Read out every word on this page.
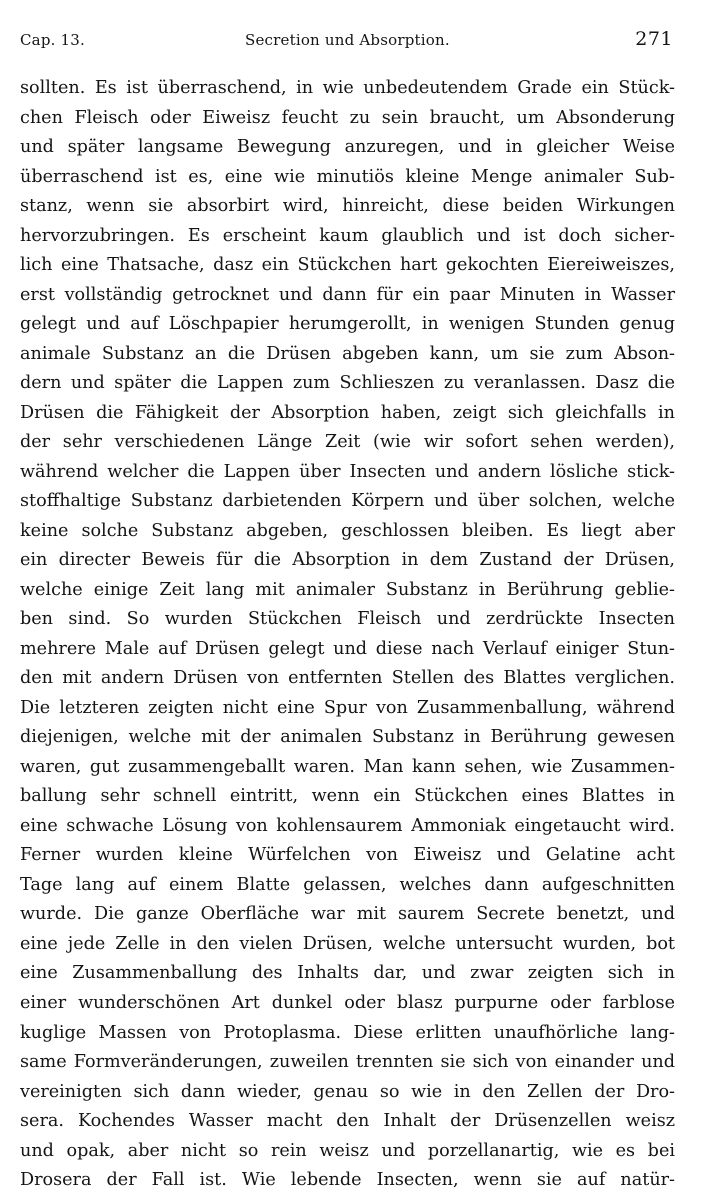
Cap. 13.	Secretion und Absorption.	271
sollten. Es ist überraschend, in wie unbedeutendem Grade ein Stück-
chen Fleisch oder Eiweisz feucht zu sein braucht, um Absonderung
und später langsame Bewegung anzuregen, und in gleicher Weise
überraschend ist es, eine wie minutiös kleine Menge animaler Sub-
stanz, wenn sie absorbirt wird, hinreicht, diese beiden Wirkungen
hervorzubringen. Es erscheint kaum glaublich und ist doch sicher-
lich eine Thatsache, dasz ein Stückchen hart gekochten Eiereiweiszes,
erst vollständig getrocknet und dann für ein paar Minuten in Wasser
gelegt und auf Löschpapier herumgerollt, in wenigen Stunden genug
animale Substanz an die Drüsen abgeben kann, um sie zum Abson-
dern und später die Lappen zum Schlieszen zu veranlassen. Dasz die
Drüsen die Fähigkeit der Absorption haben, zeigt sich gleichfalls in
der sehr verschiedenen Länge Zeit (wie wir sofort sehen werden),
während welcher die Lappen über Insecten und andern lösliche stick-
stoffhaltige Substanz darbietenden Körpern und über solchen, welche
keine solche Substanz abgeben, geschlossen bleiben. Es liegt aber
ein directer Beweis für die Absorption in dem Zustand der Drüsen,
welche einige Zeit lang mit animaler Substanz in Berührung geblie-
ben sind. So wurden Stückchen Fleisch und zerdrückte Insecten
mehrere Male auf Drüsen gelegt und diese nach Verlauf einiger Stun-
den mit andern Drüsen von entfernten Stellen des Blattes verglichen.
Die letzteren zeigten nicht eine Spur von Zusammenballung, während
diejenigen, welche mit der animalen Substanz in Berührung gewesen
waren, gut zusammengeballt waren. Man kann sehen, wie Zusammen-
ballung sehr schnell eintritt, wenn ein Stückchen eines Blattes in
eine schwache Lösung von kohlensaurem Ammoniak eingetaucht wird.
Ferner wurden kleine Würfelchen von Eiweisz und Gelatine acht
Tage lang auf einem Blatte gelassen, welches dann aufgeschnitten
wurde. Die ganze Oberfläche war mit saurem Secrete benetzt, und
eine jede Zelle in den vielen Drüsen, welche untersucht wurden, bot
eine Zusammenballung des Inhalts dar, und zwar zeigten sich in
einer wunderschönen Art dunkel oder blasz purpurne oder farblose
kuglige Massen von Protoplasma. Diese erlitten unaufhörliche lang-
same Formveränderungen, zuweilen trennten sie sich von einander und
vereinigten sich dann wieder, genau so wie in den Zellen der Dro-
sera. Kochendes Wasser macht den Inhalt der Drüsenzellen weisz
und opak, aber nicht so rein weisz und porzellanartig, wie es bei
Drosera der Fall ist. Wie lebende Insecten, wenn sie auf natür-
